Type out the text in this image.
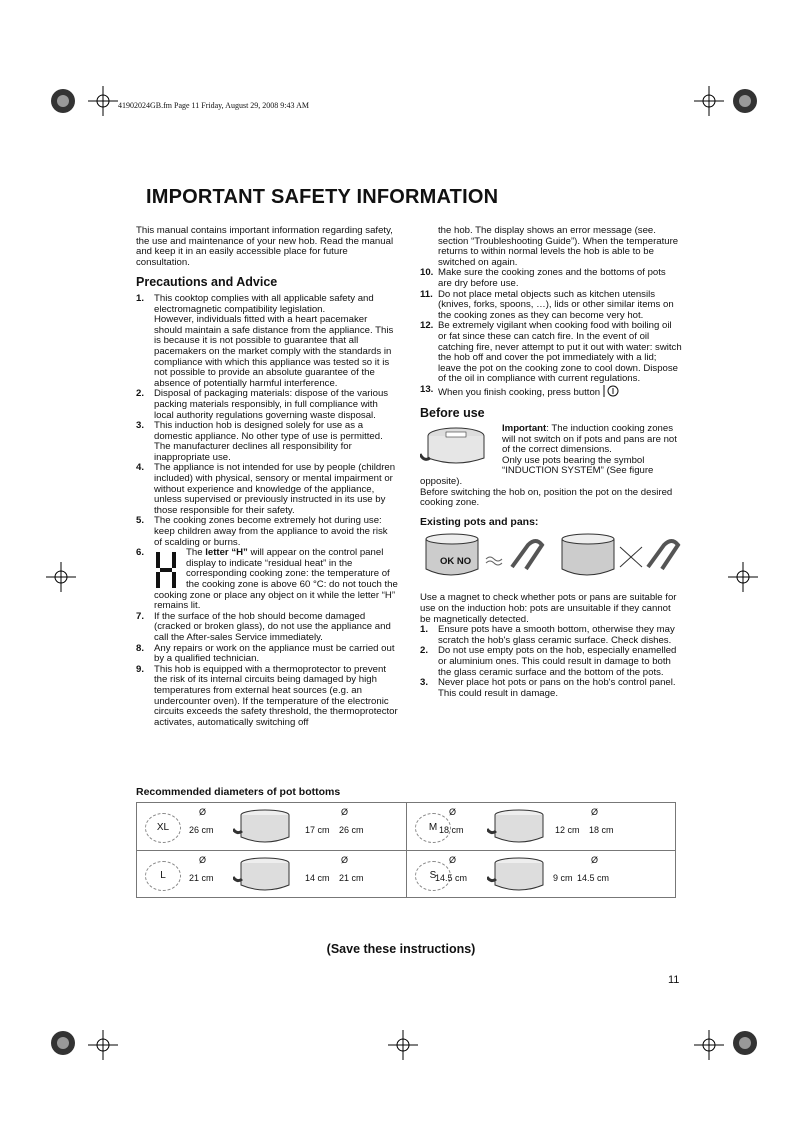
41902024GB.fm Page 11 Friday, August 29, 2008 9:43 AM
IMPORTANT SAFETY INFORMATION

This manual contains important information regarding safety, the use and maintenance of your new hob. Read the manual and keep it in an easily accessible place for future consultation.

Precautions and Advice
1. This cooktop complies with all applicable safety and electromagnetic compatibility legislation.
However, individuals fitted with a heart pacemaker should maintain a safe distance from the appliance. This is because it is not possible to guarantee that all pacemakers on the market comply with the standards in compliance with which this appliance was tested so it is not possible to provide an absolute guarantee of the absence of potentially harmful interference.
2. Disposal of packaging materials: dispose of the various packing materials responsibly, in full compliance with local authority regulations governing waste disposal.
3. This induction hob is designed solely for use as a domestic appliance. No other type of use is permitted. The manufacturer declines all responsibility for inappropriate use.
4. The appliance is not intended for use by people (children included) with physical, sensory or mental impairment or without experience and knowledge of the appliance, unless supervised or previously instructed in its use by those responsible for their safety.
5. The cooking zones become extremely hot during use: keep children away from the appliance to avoid the risk of scalding or burns.
6.	The letter “H” will appear on the control panel display to indicate “residual heat” in the corresponding cooking zone: the temperature of the cooking zone is above 60 °C: do not touch the cooking zone or place any object on it while the letter “H” remains lit.
7. If the surface of the hob should become damaged (cracked or broken glass), do not use the appliance and call the After-sales Service immediately.
8. Any repairs or work on the appliance must be carried out by a qualified technician.
9. This hob is equipped with a thermoprotector to prevent the risk of its internal circuits being damaged by high temperatures from external heat sources (e.g. an undercounter oven). If the temperature of the electronic circuits exceeds the safety threshold, the thermoprotector activates, automatically switching off
the hob. The display shows an error message (see. section “Troubleshooting Guide”). When the temperature returns to within normal levels the hob is able to be switched on again.
10. Make sure the cooking zones and the bottoms of pots are dry before use.
11. Do not place metal objects such as kitchen utensils (knives, forks, spoons, …), lids or other similar items on the cooking zones as they can become very hot.
12. Be extremely vigilant when cooking food with boiling oil or fat since these can catch fire. In the event of oil catching fire, never attempt to put it out with water: switch the hob off and cover the pot immediately with a lid; leave the pot on the cooking zone to cool down. Dispose of the oil in compliance with current regulations.
13. When you finish cooking, press button
Before use
Important: The induction cooking zones will not switch on if pots and pans are not of the correct dimensions.
Only use pots bearing the symbol “INDUCTION SYSTEM” (See figure opposite).

Before switching the hob on, position the pot on the desired cooking zone.

Existing pots and pans:
OK NO

Use a magnet to check whether pots or pans are suitable for use on the induction hob: pots are unsuitable if they cannot be magnetically detected.

1. Ensure pots have a smooth bottom, otherwise they may scratch the hob's glass ceramic surface. Check dishes.
2. Do not use empty pots on the hob, especially enamelled or aluminium ones. This could result in damage to both the glass ceramic surface and the bottom of the pots.
3. Never place hot pots or pans on the hob's control panel. This could result in damage.
Recommended diameters of pot bottoms
XL
Ø
26 cm
Ø
17 cm 26 cm	M
Ø
18 cm
Ø
12 cm 18 cm
L
Ø
21 cm
Ø
14 cm 21 cm	S
Ø
14.5 cm
Ø
9 cm 14.5 cm
(Save these instructions)
11
